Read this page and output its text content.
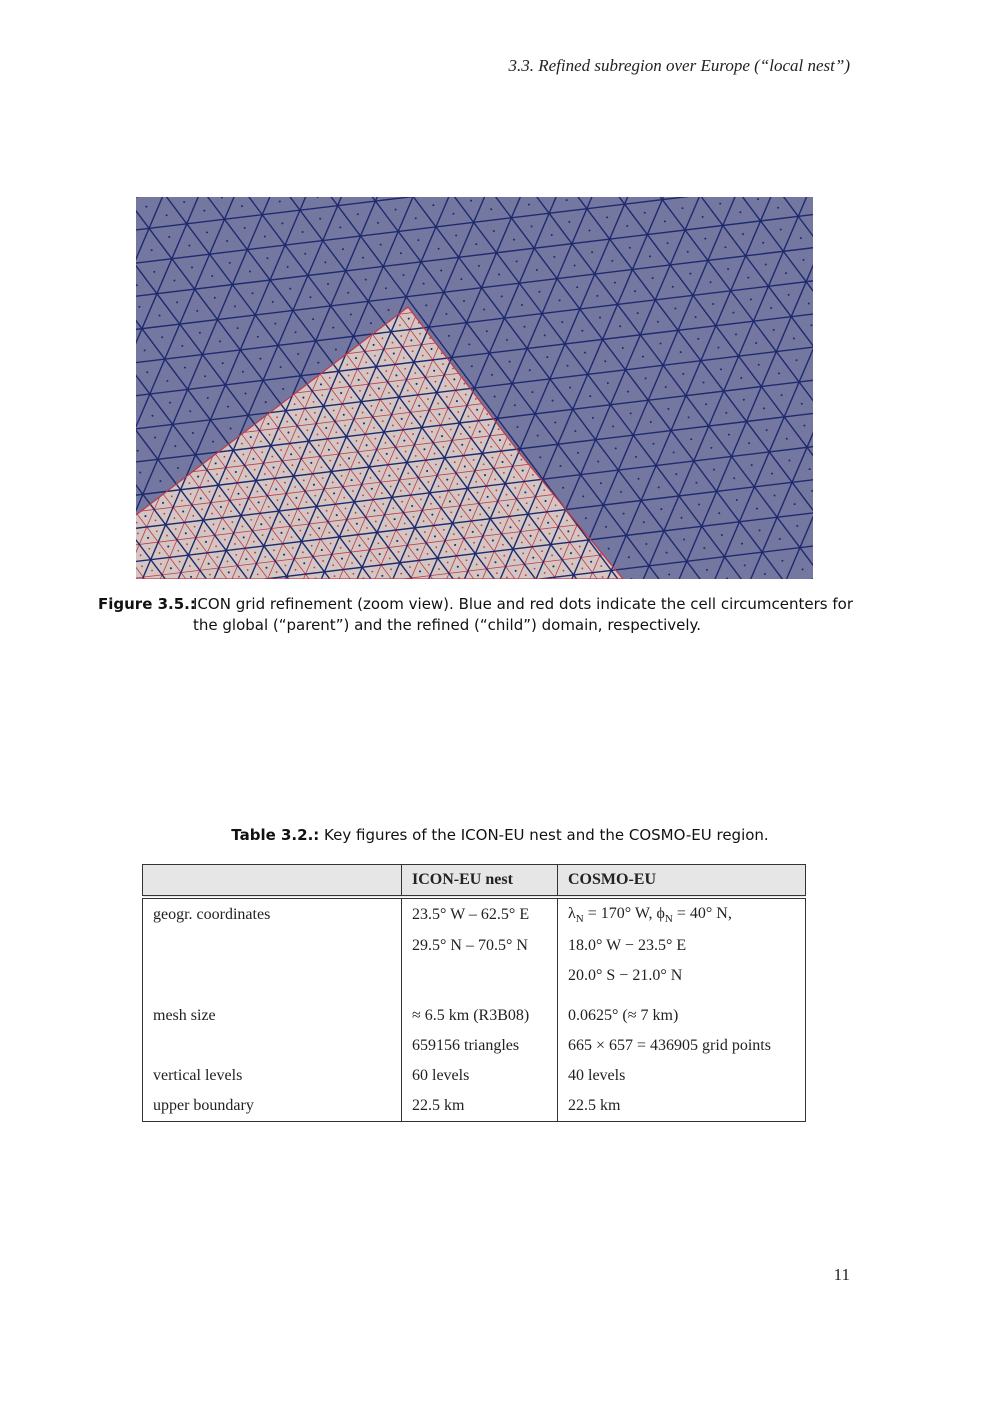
3.3. Refined subregion over Europe (“local nest”)
Figure 3.5.:
ICON grid refinement (zoom view). Blue and red dots indicate the cell circumcenters for the global (“parent”) and the refined (“child”) domain, respectively.
Table 3.2.: Key figures of the ICON-EU nest and the COSMO-EU region.
	ICON-EU nest	COSMO-EU
geogr. coordinates	23.5° W – 62.5° E	$\lambda_N = 170^\circ$ W, $\phi_N = 40^\circ$ N,
	29.5° N – 70.5° N	18.0° W − 23.5° E
		20.0° S − 21.0° N
mesh size	≈ 6.5 km (R3B08)	0.0625° (≈ 7 km)
	659156 triangles	665 × 657 = 436905 grid points
vertical levels	60 levels	40 levels
upper boundary	22.5 km	22.5 km
11
